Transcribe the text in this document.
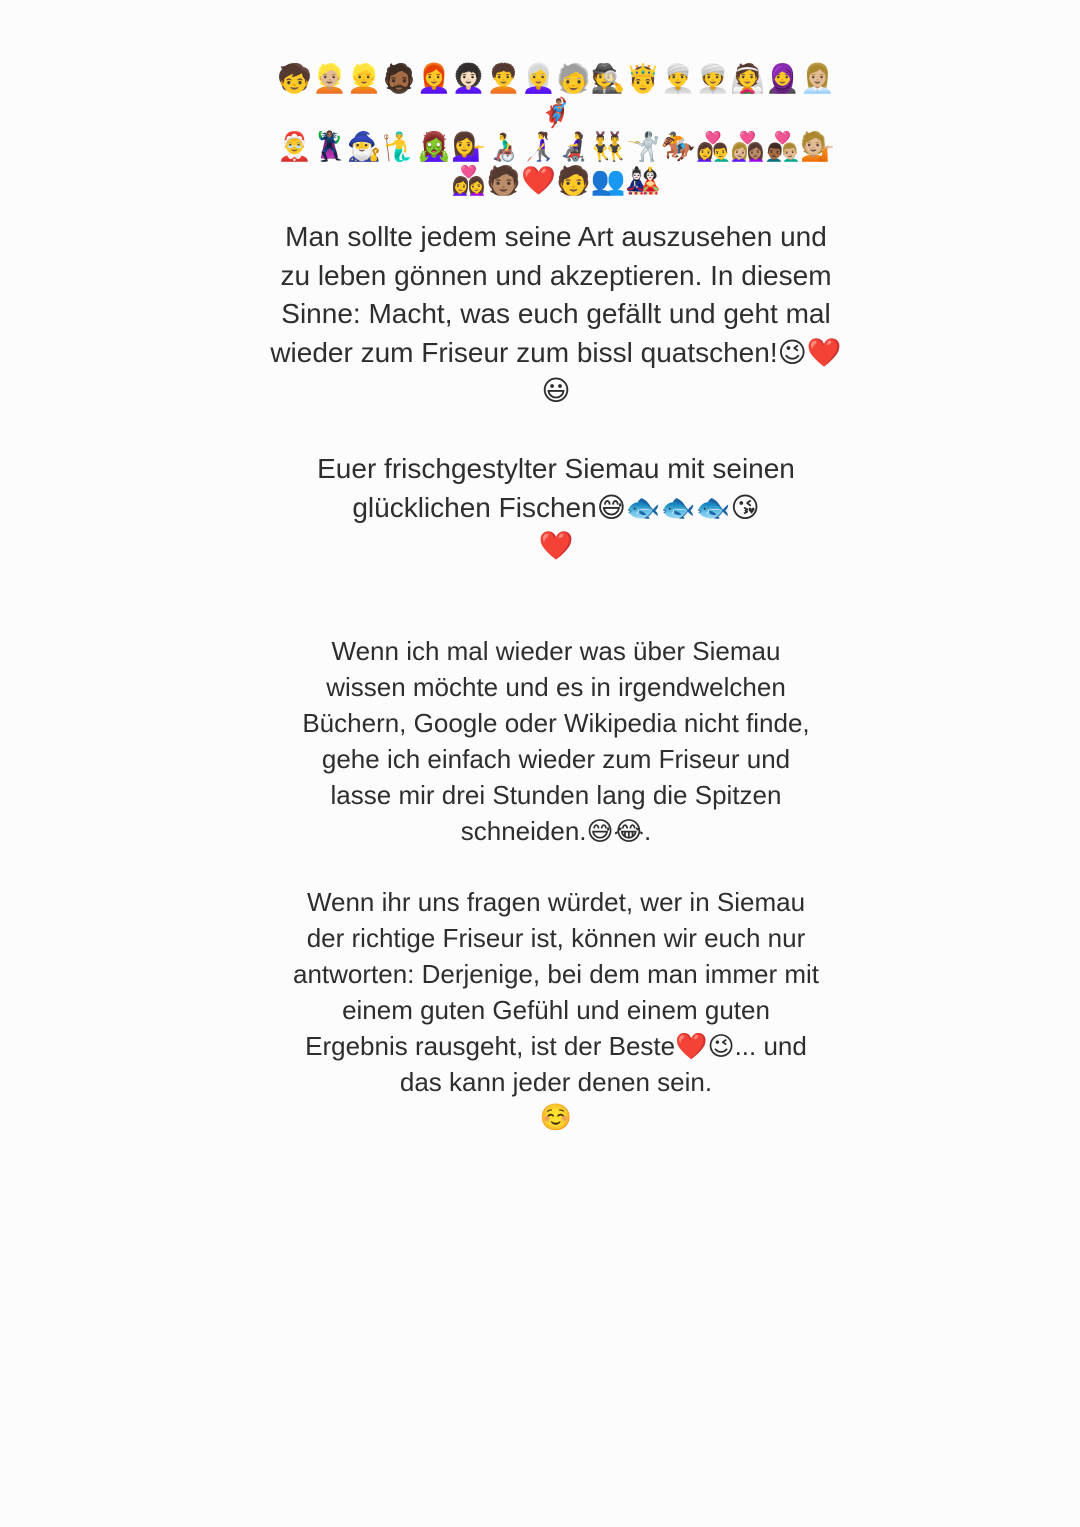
🧒👱🏼👱🧔🏾👩‍🦰👩🏻‍🦱🧑‍🦱👩‍🦳🧓🕵️🤴👳‍♂️👳‍♀️👰🧕👩🏼‍💼🦸🏽‍♂️
🤶🦹🏽‍♀️🧙‍♂️🧜‍♂️🧟‍♀️💁‍♀️👨‍🦽👩‍🦯👩‍🦼👯‍♂️🤺🏇👩‍❤️‍👨👩🏼‍❤️‍👩🏽👨🏾‍❤️‍👨🏼💁🏼
👩‍❤️‍👩🧑🏽‍❤️‍🧑👥🎎

Man sollte jedem seine Art auszusehen und
zu leben gönnen und akzeptieren. In diesem
Sinne: Macht, was euch gefällt und geht mal
wieder zum Friseur zum bissl quatschen!😉❤️
😃

Euer frischgestylter Siemau mit seinen
glücklichen Fischen😅🐟🐟🐟😘
❤️

Wenn ich mal wieder was über Siemau
wissen möchte und es in irgendwelchen
Büchern, Google oder Wikipedia nicht finde,
gehe ich einfach wieder zum Friseur und
lasse mir drei Stunden lang die Spitzen
schneiden.😅😂.

Wenn ihr uns fragen würdet, wer in Siemau
der richtige Friseur ist, können wir euch nur
antworten: Derjenige, bei dem man immer mit
einem guten Gefühl und einem guten
Ergebnis rausgeht, ist der Beste❤️😉... und
das kann jeder denen sein.
☺️
